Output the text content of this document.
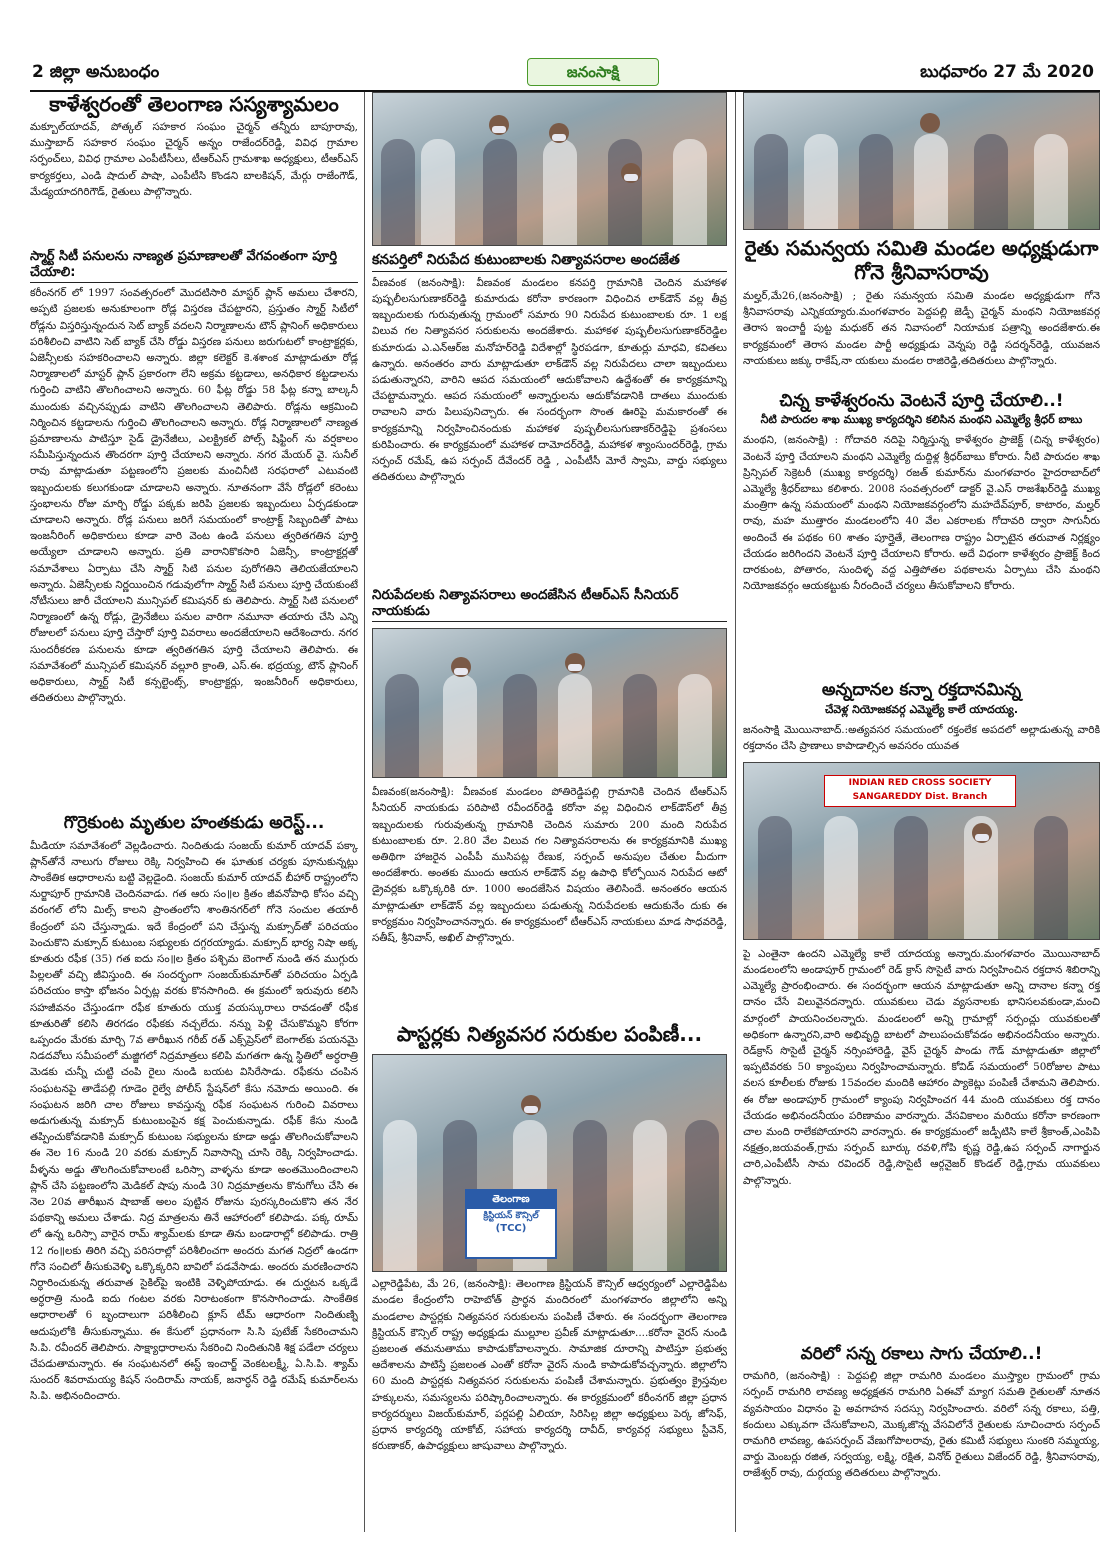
2 జిల్లా అనుబంధం	జనంసాక్షి	బుధవారం 27 మే 2020
కాళేశ్వరంతో తెలంగాణ సస్యశ్యామలం

మక్బూల్‌యాదవ్, పోత్కల్ సహకార సంఘం చైర్మన్ తన్నీరు బాపూరావు, ముస్తాబాద్ సహకార సంఘం చైర్మన్ అన్నం రాజేందర్‌రెడ్డి, వివిధ గ్రామాల సర్పంచ్‌లు, వివిధ గ్రామాల ఎంపీటీసీలు, టీఆర్ఎస్ గ్రామశాఖ అధ్యక్షులు, టీఆర్ఎస్ కార్యకర్తలు, ఎండి షాదుల్ పాషా, ఎంపీటీసి కొండని బాలకిషన్, మేర్గు రాజేంగౌడ్, మేడ్యయాదగిరిగౌడ్, రైతులు పాల్గొన్నారు.

స్మార్ట్ సిటీ పనులను నాణ్యత ప్రమాణాలతో వేగవంతంగా పూర్తి చేయాలి:

కరీంనగర్ లో 1997 సంవత్సరంలో మొదటిసారి మాస్టర్ ప్లాన్ అమలు చేశారని, అప్పటి ప్రజలకు అనుకూలంగా రోడ్ల విస్తరణ చేపట్టారని, ప్రస్తుతం స్మార్ట్ సిటీలో రోడ్లను విస్తరిస్తున్నందున సెట్ బ్యాక్ వదలని నిర్మాణాలను టౌన్ ప్లానింగ్ అధికారులు పరిశీలించి వాటిని సెట్ బ్యాక్ చేసి రోడ్డు విస్తరణ పనులు జరుగుటలో కాంట్రాక్టర్లకు, ఏజెన్సీలకు సహకరించాలని అన్నారు. జిల్లా కలెక్టర్ కె.శశాంక మాట్లాడుతూ రోడ్ల నిర్మాణాలలో మాస్టర్ ప్లాన్ ప్రకారంగా లేని అక్రమ కట్టడాలు, అనధికార కట్టడాలను గుర్తించి వాటిని తొలగించాలని అన్నారు. 60 ఫీట్ల రోడ్డు 58 ఫీట్ల కన్నా బాల్కనీ ముందుకు వచ్చినప్పుడు వాటిని తొలగించాలని తెలిపారు. రోడ్లను ఆక్రమించి నిర్మించిన కట్టడాలను గుర్తించి తొలగించాలని అన్నారు. రోడ్ల నిర్మాణాలలో నాణ్యత ప్రమాణాలను పాటిస్తూ సైడ్ డ్రైనేజీలు, ఎలక్ట్రికల్ పోల్స్ షిఫ్టింగ్ ను వర్షకాలం సమీపిస్తున్నందున తొందరగా పూర్తి చేయాలని అన్నారు. నగర మేయర్ వై. సునీల్ రావు మాట్లాడుతూ పట్టణంలోని ప్రజలకు మంచినీటి సరఫరాలో ఎటువంటి ఇబ్బందులకు కలుగకుండా చూడాలని అన్నారు. నూతనంగా వేసే రోడ్లలో కరెంటు స్తంభాలను రోజు మార్చి రోడ్డు పక్కకు జరిపి ప్రజలకు ఇబ్బందులు ఏర్పడకుండా చూడాలని అన్నారు. రోడ్ల పనులు జరిగే సమయంలో కాంట్రాక్ట్ సిబ్బందితో పాటు ఇంజనీరింగ్ అధికారులు కూడా వారి వెంట ఉండి పనులు త్వరితగతిన పూర్తి అయ్యేలా చూడాలని అన్నారు. ప్రతి వారానికొకసారి ఏజెన్సీ, కాంట్రాక్టర్లతో సమావేశాలు ఏర్పాటు చేసి స్మార్ట్ సిటి పనుల పురోగతిని తెలియజేయాలని అన్నారు. ఏజెన్సీలకు నిర్ణయించిన గడువులోగా స్మార్ట్ సిటీ పనులు పూర్తి చేయకుంటే నోటీసులు జారీ చేయాలని మున్సిపల్ కమిషనర్ కు తెలిపారు. స్మార్ట్ సిటి పనులలో నిర్మాణంలో ఉన్న రోడ్లు, డ్రైనేజీలు పనుల వారిగా నమూనా తయారు చేసి ఎన్ని రోజులలో పనులు పూర్తి చేస్తారో పూర్తి వివరాలు అందజేయాలని ఆదేశించారు. నగర సుందరీకరణ పనులను కూడా త్వరితగతిన పూర్తి చేయాలని తెలిపారు. ఈ సమావేశంలో మున్సిపల్ కమిషనర్ వల్లూరి క్రాంతి, ఎస్.ఈ. భద్రయ్య, టౌన్ ప్లానింగ్ అధికారులు, స్మార్ట్ సిటీ కన్సల్టెంట్స్, కాంట్రాక్టర్లు, ఇంజనీరింగ్ అధికారులు, తదితరులు పాల్గొన్నారు.

గొర్రెకుంట మృతుల హంతకుడు అరెస్ట్...

మీడియా సమావేశంలో వెల్లడించారు. నిందితుడు సంజయ్ కుమార్ యాదవ్ పక్కా ప్లాన్‌తోనే నాలుగు రోజులు రెక్కి నిర్వహించి ఈ ఘాతుక చర్యకు పూనుకున్నట్లు సాంకేతిక ఆధారాలను బట్టి వెల్లడైంది. సంజయ్ కుమార్ యాదవ్ బీహార్ రాష్ట్రంలోని నుర్జాపూర్ గ్రామానికి చెందినవాడు. గత ఆరు సం॥ల క్రితం జీవనోపాధి కోసం వచ్చి వరంగల్ లోని మిల్స్ కాలని ప్రాంతంలోని శాంతినగర్‌లో గోనె సంచుల తయారీ కేంద్రంలో పని చేస్తున్నాడు. ఇదే కేంద్రంలో పని చేస్తున్న మక్సూద్‌తో పరిచయం పెంచుకొని మక్సూద్ కుటుంబ సభ్యులకు దగ్గరయ్యాడు. మక్సూద్ భార్య నిషా అక్క కూతురు రఫీక (35) గత ఐదు సం॥ల క్రితం పశ్చిమ బెంగాల్ నుండి తన ముగ్గురు పిల్లలతో వచ్చి జీవిస్తుంది. ఈ సందర్భంగా సంజయ్‌కుమార్‌తో పరిచయం ఏర్పడి పరిచయం కాస్తా భోజనం ఏర్పట్ల వరకు కొనసాగింది. ఈ క్రమంలో ఇరువురు కలిసి సహజీవనం చేస్తుండగా రఫీక కూతురు యుక్త వయస్కురాలు రావడంతో రఫీక కూతురితో కలిసి తిరగడం రఫీకకు నచ్చలేదు. నన్ను పెళ్లి చేసుకొమ్మని కోరగా ఒప్పందం మేరకు మార్చి 7వ తారీఖున గరీబ్ రత్ ఎక్స్‌ప్రెస్‌లో బెంగాల్‌కు పయనమై నిడదవోలు సమీపంలో మజ్జిగలో నిద్రమాత్రలు కలిపి మగతగా ఉన్న స్థితిలో అర్ధరాత్రి మెడకు చున్నీ చుట్టి చంపి రైలు నుండి బయట విసిరేసాడు. రఫీకను చంపిన సంఘటనపై తాడేపల్లి గూడెం రైల్వే పోలీస్ స్టేషన్‌లో కేసు నమోదు అయింది. ఈ సంఘటన జరిగి చాల రోజులు కావస్తున్న రఫీక సంఘటన గురించి వివరాలు అడుగుతున్న మక్సూద్ కుటుంబంపైన కక్ష పెంచుకున్నాడు. రఫీక్ కేసు నుండి తప్పించుకోవడానికి మక్సూద్ కుటుంబ సభ్యులను కూడా అడ్డు తొలగించుకోవాలని ఈ నెల 16 నుండి 20 వరకు మక్సూద్ నివాసాన్ని చూసి రెక్కి నిర్వహించాడు. వీళ్ళను అడ్డు తొలగించుకోవాలంటే ఒరిస్సా వాళ్ళను కూడా అంతమొందించాలని ప్లాన్ చేసి పట్టణంలోని మెడికల్ షాపు నుండి 30 నిద్రమాత్రలను కొనుగోలు చేసి ఈ నెల 20వ తారీఖున షాబాజ్ అలం పుట్టిన రోజును పురస్కరించుకొని తన నేర పథకాన్ని అమలు చేశాడు. నిద్ర మాత్రలను తినే ఆహారంలో కలిపాడు. పక్క రూమ్ లో ఉన్న ఒరిస్సా వారైన రామ్ శ్యామ్‌లకు కూడా తిను బండారాల్లో కలిపాడు. రాత్రి 12 గం॥లకు తిరిగి వచ్చి పరిసరాల్లో పరిశీలించగా అందరు మగత నిద్రలో ఉండగా గోనె సంచిలో తీసుకువెళ్ళి ఒక్కొక్కరిని బావిలో పడవేసాడు. అందరు మరణించారని నిర్ధారించుకున్న తరువాత సైకిల్‌పై ఇంటికి వెళ్ళిపోయాడు. ఈ దుర్ఘటన ఒక్కడే అర్ధరాత్రి నుండి ఐదు గంటల వరకు నిరాటంకంగా కొనసాగించాడు. సాంకేతిక ఆధారాలతో 6 బృందాలుగా పరిశీలించి క్లూస్ టీమ్ ఆధారంగా నిందితుణ్ని ఆదుపులోకి తీసుకున్నాము. ఈ కేసులో ప్రధానంగా సి.సి పుటేజ్ సేకరించామని సి.పి. రవీందర్ తెలిపారు. సాక్ష్యాధారాలను సేకరించి నిందితునికి శిక్ష పడేలా చర్యలు చేపడుతామన్నారు. ఈ సంఘటనలో ఈస్ట్ ఇంచార్జ్ వెంకటలక్ష్మీ, ఏ.సి.పి. శ్యామ్ సుందర్ శివరామయ్య కిషన్ సందిరామ్ నాయక్, జనార్ధన్ రెడ్డి రమేష్ కుమార్‌లను సి.పి. అభినందించారు.

కనపర్తిలో నిరుపేద కుటుంబాలకు నిత్యావసరాల అందజేత

వీణవంక (జనంసాక్షి): వీణవంక మండలం కనపర్తి గ్రామానికి చెందిన మహాకళ పుష్పలీలసుగుణాకర్‌రెడ్డి కుమారుడు కరోనా కారణంగా విధించిన లాక్‌డౌన్ వల్ల తీవ్ర ఇబ్బందులకు గురువుతున్న గ్రామంలో సమారు 90 నిరుపేద కుటుంబాలకు రూ. 1 లక్ష విలువ గల నిత్యావసర సరుకులను అందజేశారు. మహాకళ పుష్పలీలసుగుణాకర్‌రెడ్డిల కుమారుడు ఎ.ఎన్ఆర్‌జ మనోహర్‌రెడ్డి విదేశాల్లో స్థిరపడగా, కూతుర్లు మాధవి, కవితలు ఉన్నారు. అనంతరం వారు మాట్లాడుతూ లాక్‌డౌన్ వల్ల నిరుపేదలు చాలా ఇబ్బందులు పడుతున్నారని, వారిని ఆపద సమయంలో ఆదుకోవాలని ఉద్దేశంతో ఈ కార్యక్రమాన్ని చేపట్టామన్నారు. ఆపద సమయంలో అన్నార్తులను ఆదుకోవడానికి దాతలు ముందుకు రావాలని వారు పిలుపునిచ్చారు. ఈ సందర్భంగా సొంత ఊరిపై మమకారంతో ఈ కార్యక్రమాన్ని నిర్వహించినందుకు మహాకళ పుష్పలీలసుగుణాకర్‌రెడ్డిపై ప్రశంసలు కురిపించారు. ఈ కార్యక్రమంలో మహాకళ దామోదర్‌రెడ్డి, మహాకళ శ్యాంసుందర్‌రెడ్డి, గ్రామ సర్పంచ్ రమేష్, ఉప సర్పంచ్ దేవేందర్ రెడ్డి , ఎంపీటీసీ మోరే స్వామి, వార్డు సభ్యులు తదితరులు పాల్గొన్నారు

నిరుపేదలకు నిత్యావసరాలు అందజేసిన టీఆర్ఎస్ సీనియర్ నాయకుడు

వీణవంక(జనంసాక్షి): వీణవంక మండలం పోతిరెడ్డిపల్లి గ్రామానికి చెందిన టీఆర్ఎస్ సీనియర్ నాయకుడు పరిపాటి రవీందర్‌రెడ్డి కరోనా వల్ల విధించిన లాక్‌డౌన్‌లో తీవ్ర ఇబ్బందులకు గురువుతున్న గ్రామానికి చెందిన సుమారు 200 మంది నిరుపేద కుటుంబాలకు రూ. 2.80 వేల విలువ గల నిత్యావసరాలను ఈ కార్యక్రమానికి ముఖ్య అతిథిగా హాజరైన ఎంపీపీ ముసిపట్ల రేణుక, సర్పంచ్ అనుపుల చేతుల మీదుగా అందజేశారు. అంతకు ముందు ఆయన లాక్‌డౌన్ వల్ల ఉపాధి కోల్పోయిన నిరుపేద ఆటో డ్రైవర్లకు ఒక్కొక్కరికి రూ. 1000 అందజేసిన విషయం తెలిసిందే. అనంతరం ఆయన మాట్లాడుతూ లాక్‌డౌన్ వల్ల ఇబ్బందులు పడుతున్న నిరుపేదలకు ఆదుకునేం దుకు ఈ కార్యక్రమం నిర్వహించానన్నారు. ఈ కార్యక్రమంలో టీఆర్ఎస్ నాయకులు మాడ సాధవరెడ్డి, సతీష్, శ్రీనివాస్, అఖిల్ పాల్గొన్నారు.

పాస్టర్లకు నిత్యవసర సరుకుల పంపిణీ...
తెలంగాణ
క్రిస్టియన్ కౌన్సిల్
(TCC)

ఎల్లారెడ్డిపేట, మే 26, (జనంసాక్షి): తెలంగాణ క్రిస్టియన్ కౌన్సిల్ ఆధ్వర్యంలో ఎల్లారెడ్డిపేట మండల కేంద్రంలోని రాహెబోత్ ప్రార్థన మందిరంలో మంగళవారం జిల్లాలోని అన్ని మండలాల పాస్టర్లకు నిత్యవసర సరుకులను పంపిణీ చేశారు. ఈ సందర్భంగా తెలంగాణ క్రిస్టియన్ కౌన్సిల్ రాష్ట్ర అధ్యక్షుడు ముల్లూల ప్రవీణ్ మాట్లాడుతూ....కరోనా వైరస్ నుండి ప్రజలంత తమనుతాము కాపాడుకోవాలన్నారు. సామాజిక దూరాన్ని పాటిస్తూ ప్రభుత్వ ఆదేశాలను పాటిస్తే ప్రజలంత ఎంతో కరోనా వైరస్ నుండి కాపాడుకోవచ్చన్నారు. జిల్లాలోని 60 మంది పాస్టర్లకు నిత్యవసర సరుకులను పంపిణీ చేశామన్నారు. ప్రభుత్వం క్రైస్తవుల హక్కులను, సమస్యలను పరిష్కారించాలన్నారు. ఈ కార్యక్రమంలో కరీంనగర్ జిల్లా ప్రధాన కార్యదర్శులు విజయ్‌కుమార్, పర్లపల్లి ఏలియా, సిరిసిల్ల జిల్లా అధ్యక్షులు పెర్క జోసెఫ్, ప్రధాన కార్యదర్శి యాకోబ్, సహాయ కార్యదర్శి దావీద్, కార్యవర్గ సభ్యులు స్టీవెన్, కరుణాకర్, ఉపాధ్యక్షులు జాషువాలు పాల్గొన్నారు.

రైతు సమన్వయ సమితి మండల అధ్యక్షుడుగా గోనె శ్రీనివాసరావు

మల్హర్,మే26,(జనంసాక్షి) ; రైతు సమన్వయ సమితి మండల అధ్యక్షుడుగా గోనె శ్రీనివాసరావు ఎన్నికయ్యారు.మంగళవారం పెద్దపల్లి జెడ్పీ చైర్మన్ మంథని నియోజకవర్గ తెరాస ఇంచార్జీ పుట్ట మధుకర్ తన నివాసంలో నియామక పత్రాన్ని అందజేశారు.ఈ కార్యక్రమంలో తెరాస మండల పార్టీ అధ్యక్షుడు వెన్నపు రెడ్డి సదర్శన్‌రెడ్డి, యువజన నాయకులు జక్కు రాకేష్,నా యకులు మండల రాజిరెడ్డి,తదితరులు పాల్గొన్నారు.

చిన్న కాళేశ్వరంను వెంటనే పూర్తి చేయాలి..!
నీటి పారుదల శాఖ ముఖ్య కార్యదర్శిని కలిసిన మంథని ఎమ్మెల్యే శ్రీధర్ బాబు

మంథని, (జనంసాక్షి) : గోదావరి నదిపై నిర్మిస్తున్న కాళేశ్వరం ప్రాజెక్ట్ (చిన్న కాళేశ్వరం) వెంటనే పూర్తి చేయాలని మంథని ఎమ్మెల్యే దుద్దిళ్ల శ్రీధర్‌బాబు కోరారు. నీటి పారుదల శాఖ ప్రిన్సిపల్ సెక్రెటరీ (ముఖ్య కార్యదర్శి) రజత్ కుమార్‌ను మంగళవారం హైదరాబాద్‌లో ఎమ్మెల్యే శ్రీధర్‌బాబు కలిశారు. 2008 సంవత్సరంలో డాక్టర్ వై.ఎస్ రాజశేఖర్‌రెడ్డి ముఖ్య మంత్రిగా ఉన్న సమయంలో మంథని నియోజకవర్గంలోని మహదేవ్‌పూర్, కాటారం, మల్హర్ రావు, మహ ముత్తారం మండలంలోని 40 వేల ఎకరాలకు గోదావరి ద్వారా సాగునీరు అందించే ఈ పథకం 60 శాతం పూర్తైతే, తెలంగాణ రాష్ట్రం ఏర్పాటైన తరువాత నిర్లక్ష్యం చేయడం జరిగిందని వెంటనే పూర్తి చేయాలని కోరారు. అదే విధంగా కాళేశ్వరం ప్రాజెక్ట్ కింద దారకుంట, పోతారం, సుందిళ్ళ వద్ద ఎత్తిపోతల పథకాలను ఏర్పాటు చేసి మంథని నియోజకవర్గం ఆయకట్టుకు నీరందించే చర్యలు తీసుకోవాలని కోరారు.

అన్నదానల కన్నా రక్తదానమిన్న
చేవెళ్ల నియోజకవర్గ ఎమ్మెల్యే కాలే యాదయ్య.

జనంసాక్షి మొయినాబాద్.:అత్యవసర సమయంలో రక్తంలేక అపదలో అల్లాడుతున్న వారికి రక్తదానం చేసి ప్రాణాలు కాపాడాల్సిన అవసరం యువత

INDIAN RED CROSS SOCIETY
SANGAREDDY Dist. Branch

పై ఎంతైనా ఉందని ఎమ్మెల్యే కాలే యాదయ్య అన్నారు.మంగళవారం మొయినాబాద్ మండలంలోని అండాపూర్ గ్రామంలో రెడ్ క్రాస్ సొసైటీ వారు నిర్వహించిన రక్తదాన శిబిరాన్ని ఎమ్మెల్యే ప్రారంభించారు. ఈ సందర్భంగా ఆయన మాట్లాడుతూ అన్ని దానాల కన్నా రక్త దానం చేసే విలువైనదన్నారు. యువకులు చెడు వ్యసనాలకు భానిసలవకుండా,మంచి మార్గంలో పాయనించలన్నారు. మండలంలో అన్ని గ్రామాల్లో సర్పంచ్లు యువకులతో అధికంగా ఉన్నారని,వారి అభివృద్ధి బాటలో పాలుపంచుకోవడం అభినందనీయం అన్నారు. రెడ్‌క్రాస్ సొసైటీ చైర్మన్ నర్సింహారెడ్డి, వైస్ చైర్మన్ పాండు గౌడ్ మాట్లాడుతూ జిల్లాలో ఇప్పటివరకు 50 క్యాంపులు నిర్వహించామన్నారు. కోవిడ్ సమయంలో 50రోజుల పాటు వలస కూలీలకు రోజుకు 15వందల మందికి ఆహారం ప్యాకెట్లు పంపిణీ చేశామని తెలిపారు. ఈ రోజు అండాపూర్ గ్రామంలో క్యాంపు నిర్వహించగ 44 మంది యువకులు రక్త దానం చేయడం అభినందనీయం పరిణామం వారన్నారు. వేసవికాలం మరియు కరోనా కారణంగా చాల మంది రాలేకపోయారని వారన్నారు. ఈ కార్యక్రమంలో జడ్పీటిసి కాలే శ్రీకాంత్,ఎంపిపి నక్షత్రం,జయవంత్,గ్రామ సర్పంచ్ బూర్కు రవళి,గోపి కృష్ణ రెడ్డి,ఉప సర్పంచ్ నాగార్జున చారి,ఎంపీటీసీ సామ రవిందర్ రెడ్డి,సొసైటీ ఆర్గనైజర్ కొండల్ రెడ్డి,గ్రామ యువకులు పాల్గొన్నారు.

వరిలో సన్న రకాలు సాగు చేయాలి..!

రామగిరి, (జనంసాక్షి) : పెద్దపల్లి జిల్లా రామగిరి మండలం ముస్త్యాల గ్రామంలో గ్రామ సర్పంచ్ రామగిరి లావణ్య అధ్యక్షతన రామగిరి ఏఈవో మ్యాగ సమతి రైతులతో నూతన వ్యవసాయం విధానం పై అవగాహన సదస్సు నిర్వహించారు. వరిలో సన్న రకాలు, పత్తి, కందులు ఎక్కువగా చేసుకోవాలని, మొక్కజొన్న వేసవిలోనే రైతులకు సూచించారు సర్పంచ్ రామగిరి లావణ్య, ఉపసర్పంచ్ వేణుగోపాలరావు, రైతు కమిటీ సభ్యులు సుంకరి సమ్మయ్య, వార్డు మెంబర్లు రజిత, సర్వయ్య, లక్ష్మి, రక్షిత, వినోద్ రైతులు విజేందర్ రెడ్డి, శ్రీనివాసరావు, రాజేశ్వర్ రావు, దుర్గయ్య తదితరులు పాల్గొన్నారు.
